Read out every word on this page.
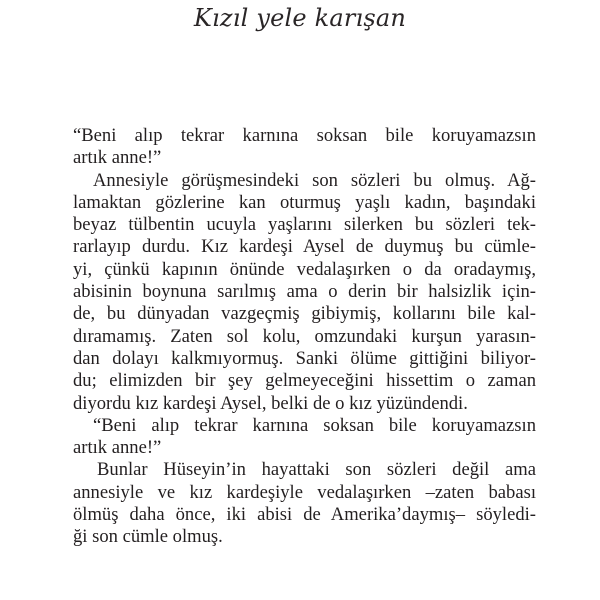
Kızıl yele karışan
“Beni alıp tekrar karnına soksan bile koruyamazsın
artık anne!”
Annesiyle görüşmesindeki son sözleri bu olmuş. Ağ-
lamaktan gözlerine kan oturmuş yaşlı kadın, başındaki
beyaz tülbentin ucuyla yaşlarını silerken bu sözleri tek-
rarlayıp durdu. Kız kardeşi Aysel de duymuş bu cümle-
yi, çünkü kapının önünde vedalaşırken o da oradaymış,
abisinin boynuna sarılmış ama o derin bir halsizlik için-
de, bu dünyadan vazgeçmiş gibiymiş, kollarını bile kal-
dıramamış. Zaten sol kolu, omzundaki kurşun yarasın-
dan dolayı kalkmıyormuş. Sanki ölüme gittiğini biliyor-
du; elimizden bir şey gelmeyeceğini hissettim o zaman
diyordu kız kardeşi Aysel, belki de o kız yüzündendi.
“Beni alıp tekrar karnına soksan bile koruyamazsın
artık anne!”
Bunlar Hüseyin’in hayattaki son sözleri değil ama
annesiyle ve kız kardeşiyle vedalaşırken –zaten babası
ölmüş daha önce, iki abisi de Amerika’daymış– söyledi-
ği son cümle olmuş.
